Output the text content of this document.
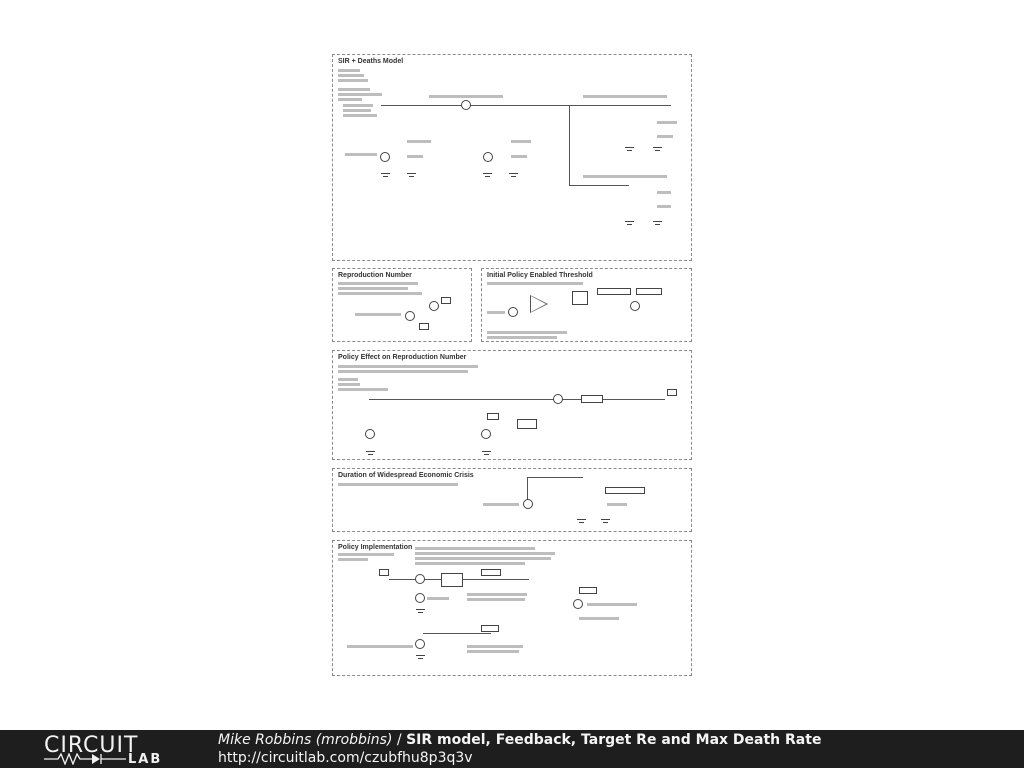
SIR + Deaths Model
Reproduction Number	Initial Policy Enabled Threshold
Policy Effect on Reproduction Number
Duration of Widespread Economic Crisis
Policy Implementation
CIRCUIT
LAB
Mike Robbins (mrobbins) / SIR model, Feedback, Target Re and Max Death Rate
http://circuitlab.com/czubfhu8p3q3v
